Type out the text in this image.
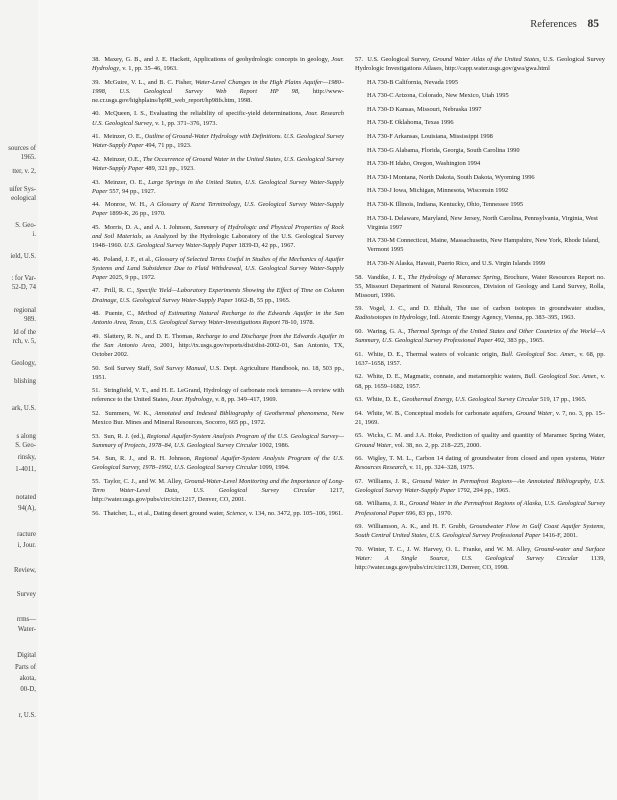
References 85
sources of
1965.
tter, v. 2,
uifer Sys-
eological
S. Geo-
i.
ield, U.S.
: for Var-
52-D, 74
regional
989.
ld of the
rch, v. 5,
Geology,
blishing
ark, U.S.
s along
S. Geo-
rinsky,
1-4011,
notated
94(A),
racture
i, Jour.
Review,
Survey
rrms—
Water-
Digital
Parts of
akota,
00-D,
r, U.S.
38. Maxey, G. B., and J. E. Hackett, Applications of geohydrologic concepts in geology, Jour. Hydrology, v. 1, pp. 35–46, 1963.
39. McGuire, V. L., and B. C. Fisher, Water-Level Changes in the High Plains Aquifer—1980–1998, U.S. Geological Survey Web Report HP 98, http://www-ne.cr.usgs.gov/highplains/hp98_web_report/hp98fs.htm, 1998.
40. McQueen, I. S., Evaluating the reliability of specific-yield determinations, Jour. Research U.S. Geological Survey, v. 1, pp. 371–376, 1973.
41. Meinzer, O. E., Outline of Ground-Water Hydrology with Definitions. U.S. Geological Survey Water-Supply Paper 494, 71 pp., 1923.
42. Meinzer, O.E., The Occurrence of Ground Water in the United States, U.S. Geological Survey Water-Supply Paper 489, 321 pp., 1923.
43. Meinzer, O. E., Large Springs in the United States, U.S. Geological Survey Water-Supply Paper 557, 94 pp., 1927.
44. Monroe, W. H., A Glossary of Karst Terminology, U.S. Geological Survey Water-Supply Paper 1899-K, 26 pp., 1970.
45. Morris, D. A., and A. I. Johnson, Summary of Hydrologic and Physical Properties of Rock and Soil Materials, as Analyzed by the Hydrologic Laboratory of the U.S. Geological Survey 1948–1960. U.S. Geological Survey Water-Supply Paper 1839-D, 42 pp., 1967.
46. Poland, J. F., et al., Glossary of Selected Terms Useful in Studies of the Mechanics of Aquifer Systems and Land Subsidence Due to Fluid Withdrawal, U.S. Geological Survey Water-Supply Paper 2025, 9 pp., 1972.
47. Prill, R. C., Specific Yield—Laboratory Experiments Showing the Effect of Time on Column Drainage, U.S. Geological Survey Water-Supply Paper 1662-B, 55 pp., 1965.
48. Puente, C., Method of Estimating Natural Recharge to the Edwards Aquifer in the San Antonio Area, Texas, U.S. Geological Survey Water-Investigations Report 78-10, 1978.
49. Slattery, R. N., and D. E. Thomas, Recharge to and Discharge from the Edwards Aquifer in the San Antonio Area, 2001, http://tx.usgs.gov/reports/dist/dist-2002-01, San Antonio, TX, October 2002.
50. Soil Survey Staff, Soil Survey Manual, U.S. Dept. Agriculture Handbook, no. 18, 503 pp., 1951.
51. Stringfield, V. T., and H. E. LeGrand, Hydrology of carbonate rock terranes—A review with reference to the United States, Jour. Hydrology, v. 8, pp. 349–417, 1969.
52. Summers, W. K., Annotated and Indexed Bibliography of Geothermal phenomena, New Mexico Bur. Mines and Mineral Resources, Socorro, 665 pp., 1972.
53. Sun, R. J. (ed.), Regional Aquifer-System Analysis Program of the U.S. Geological Survey—Summary of Projects, 1978–84, U.S. Geological Survey Circular 1002, 1986.
54. Sun, R. J., and R. H. Johnson, Regional Aquifer-System Analysis Program of the U.S. Geological Survey, 1978–1992, U.S. Geological Survey Circular 1099, 1994.
55. Taylor, C. J., and W. M. Alley, Ground-Water-Level Monitoring and the Importance of Long-Term Water-Level Data, U.S. Geological Survey Circular 1217, http://water.usgs.gov/pubs/circ/circ1217, Denver, CO, 2001.
56. Thatcher, L., et al., Dating desert ground water, Science, v. 134, no. 3472, pp. 105–106, 1961.
57. U.S. Geological Survey, Ground Water Atlas of the United States, U.S. Geological Survey Hydrologic Investigations Atlases, http://capp.water.usgs.gov/gwa/gwa.html
HA 730-B California, Nevada 1995
HA 730-C Arizona, Colorado, New Mexico, Utah 1995
HA 730-D Kansas, Missouri, Nebraska 1997
HA 730-E Oklahoma, Texas 1996
HA 730-F Arkansas, Louisiana, Mississippi 1998
HA 730-G Alabama, Florida, Georgia, South Carolina 1990
HA 730-H Idaho, Oregon, Washington 1994
HA 730-I Montana, North Dakota, South Dakota, Wyoming 1996
HA 730-J Iowa, Michigan, Minnesota, Wisconsin 1992
HA 730-K Illinois, Indiana, Kentucky, Ohio, Tennessee 1995
HA 730-L Delaware, Maryland, New Jersey, North Carolina, Pennsylvania, Virginia, West Virginia 1997
HA 730-M Connecticut, Maine, Massachusetts, New Hampshire, New York, Rhode Island, Vermont 1995
HA 730-N Alaska, Hawaii, Puerto Rico, and U.S. Virgin Islands 1999
58. Vandike, J. E., The Hydrology of Maramec Spring, Brochure, Water Resources Report no. 55, Missouri Department of Natural Resources, Division of Geology and Land Survey, Rolla, Missouri, 1996.
59. Vogel, J. C., and D. Ehhalt, The use of carbon isotopes in groundwater studies, Radioisotopes in Hydrology, Intl. Atomic Energy Agency, Vienna, pp. 383–395, 1963.
60. Waring, G. A., Thermal Springs of the United States and Other Countries of the World—A Summary, U.S. Geological Survey Professional Paper 492, 383 pp., 1965.
61. White, D. E., Thermal waters of volcanic origin, Bull. Geological Soc. Amer., v. 68, pp. 1637–1658, 1957.
62. White, D. E., Magmatic, connate, and metamorphic waters, Bull. Geological Soc. Amer., v. 68, pp. 1659–1682, 1957.
63. White, D. E., Geothermal Energy, U.S. Geological Survey Circular 519, 17 pp., 1965.
64. White, W. B., Conceptual models for carbonate aquifers, Ground Water, v. 7, no. 3, pp. 15–21, 1969.
65. Wicks, C. M. and J.A. Hoke, Prediction of quality and quantity of Maramec Spring Water, Ground Water, vol. 38, no. 2, pp. 218–225, 2000.
66. Wigley, T. M. L., Carbon 14 dating of groundwater from closed and open systems, Water Resources Research, v. 11, pp. 324–328, 1975.
67. Williams, J. R., Ground Water in Permafrost Regions—An Annotated Bibliography, U.S. Geological Survey Water-Supply Paper 1792, 294 pp., 1965.
68. Williams, J. R., Ground Water in the Permafrost Regions of Alaska, U.S. Geological Survey Professional Paper 696, 83 pp., 1970.
69. Williamson, A. K., and H. F. Grubb, Groundwater Flow in Gulf Coast Aquifer Systems, South Central United States, U.S. Geological Survey Professional Paper 1416-F, 2001.
70. Winter, T. C., J. W. Harvey, O. L. Franke, and W. M. Alley, Ground-water and Surface Water: A Single Source, U.S. Geological Survey Circular 1139, http://water.usgs.gov/pubs/circ/circ1139, Denver, CO, 1998.
